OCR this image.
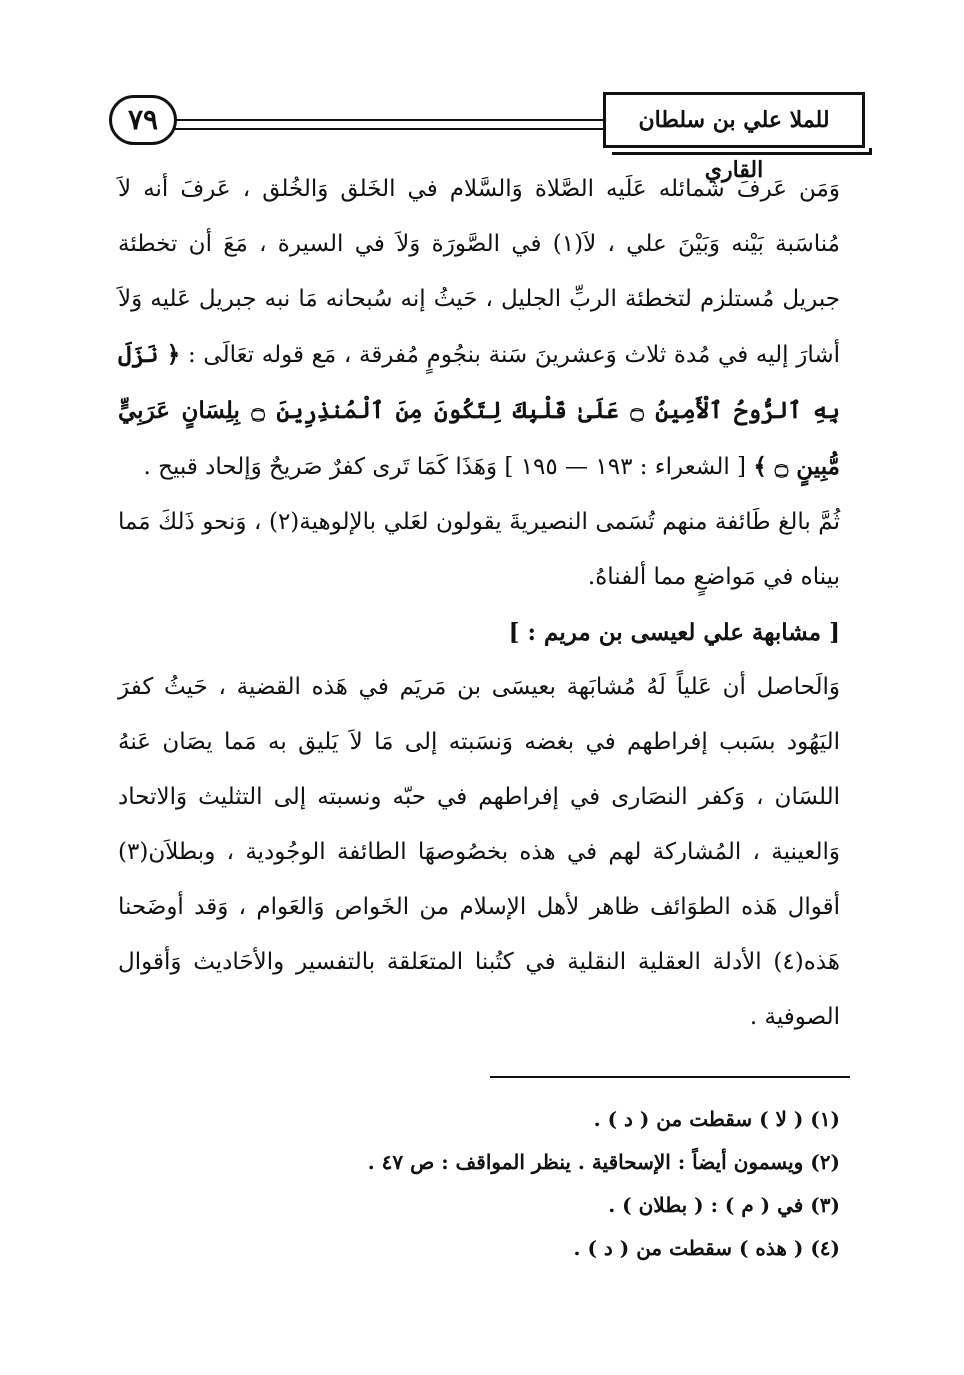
٧٩	للملا علي بن سلطان القاري

وَمَن عَرفَ شمائله عَلَيه الصَّلاة وَالسَّلام في الخَلق وَالخُلق ، عَرفَ أنه لاَ مُناسَبة بَيْنه وَبَيْنَ علي ، لاَ(١) في الصَّورَة وَلاَ في السيرة ، مَعَ أن تخطئة جبريل مُستلزم لتخطئة الربِّ الجليل ، حَيثُ إنه سُبحانه مَا نبه جبريل عَليه وَلاَ أشارَ إليه في مُدة ثلاث وَعشرينَ سَنة بنجُومٍ مُفرقة ، مَع قوله تعَالَى : ﴿ نَزَلَ بِهِ ٱلرُّوحُ ٱلْأَمِينُ ۝ عَلَىٰ قَلْبِكَ لِتَكُونَ مِنَ ٱلْمُنذِرِينَ ۝ بِلِسَانٍ عَرَبِيٍّ مُّبِينٍ ۝ ﴾ [ الشعراء : ١٩٣ — ١٩٥ ] وَهَذَا كَمَا تَرى كفرٌ صَريحٌ وَإلحاد قبيح .

ثُمَّ بالغ طَائفة منهم تُسَمى النصيريةَ يقولون لعَلي بالإلوهية(٢) ، وَنحو ذَلكَ مَما بيناه في مَواضعٍ مما ألفناهُ.

[ مشابهة علي لعيسى بن مريم : ]

وَالَحاصل أن عَلياً لَهُ مُشابَهة بعيسَى بن مَريَم في هَذه القضية ، حَيثُ كفرَ اليَهُود بسَبب إفراطهم في بغضه وَنسَبته إلى مَا لاَ يَليق به مَما يصَان عَنهُ اللسَان ، وَكفر النصَارى في إفراطهم في حبّه ونسبته إلى التثليث وَالاتحاد وَالعينية ، المُشاركة لهم في هذه بخصُوصهَا الطائفة الوجُودية ، وبطلاَن(٣) أقوال هَذه الطوَائف ظاهر لأهل الإسلام من الخَواص وَالعَوام ، وَقد أوضَحنا هَذه(٤) الأدلة العقلية النقلية في كتُبنا المتعَلقة بالتفسير والأحَاديث وَأقوال الصوفية .

(١) ( لا ) سقطت من ( د ) .

(٢) ويسمون أيضاً : الإسحاقية . ينظر المواقف : ص ٤٧ .

(٣) في ( م ) : ( بطلان ) .

(٤) ( هذه ) سقطت من ( د ) .
